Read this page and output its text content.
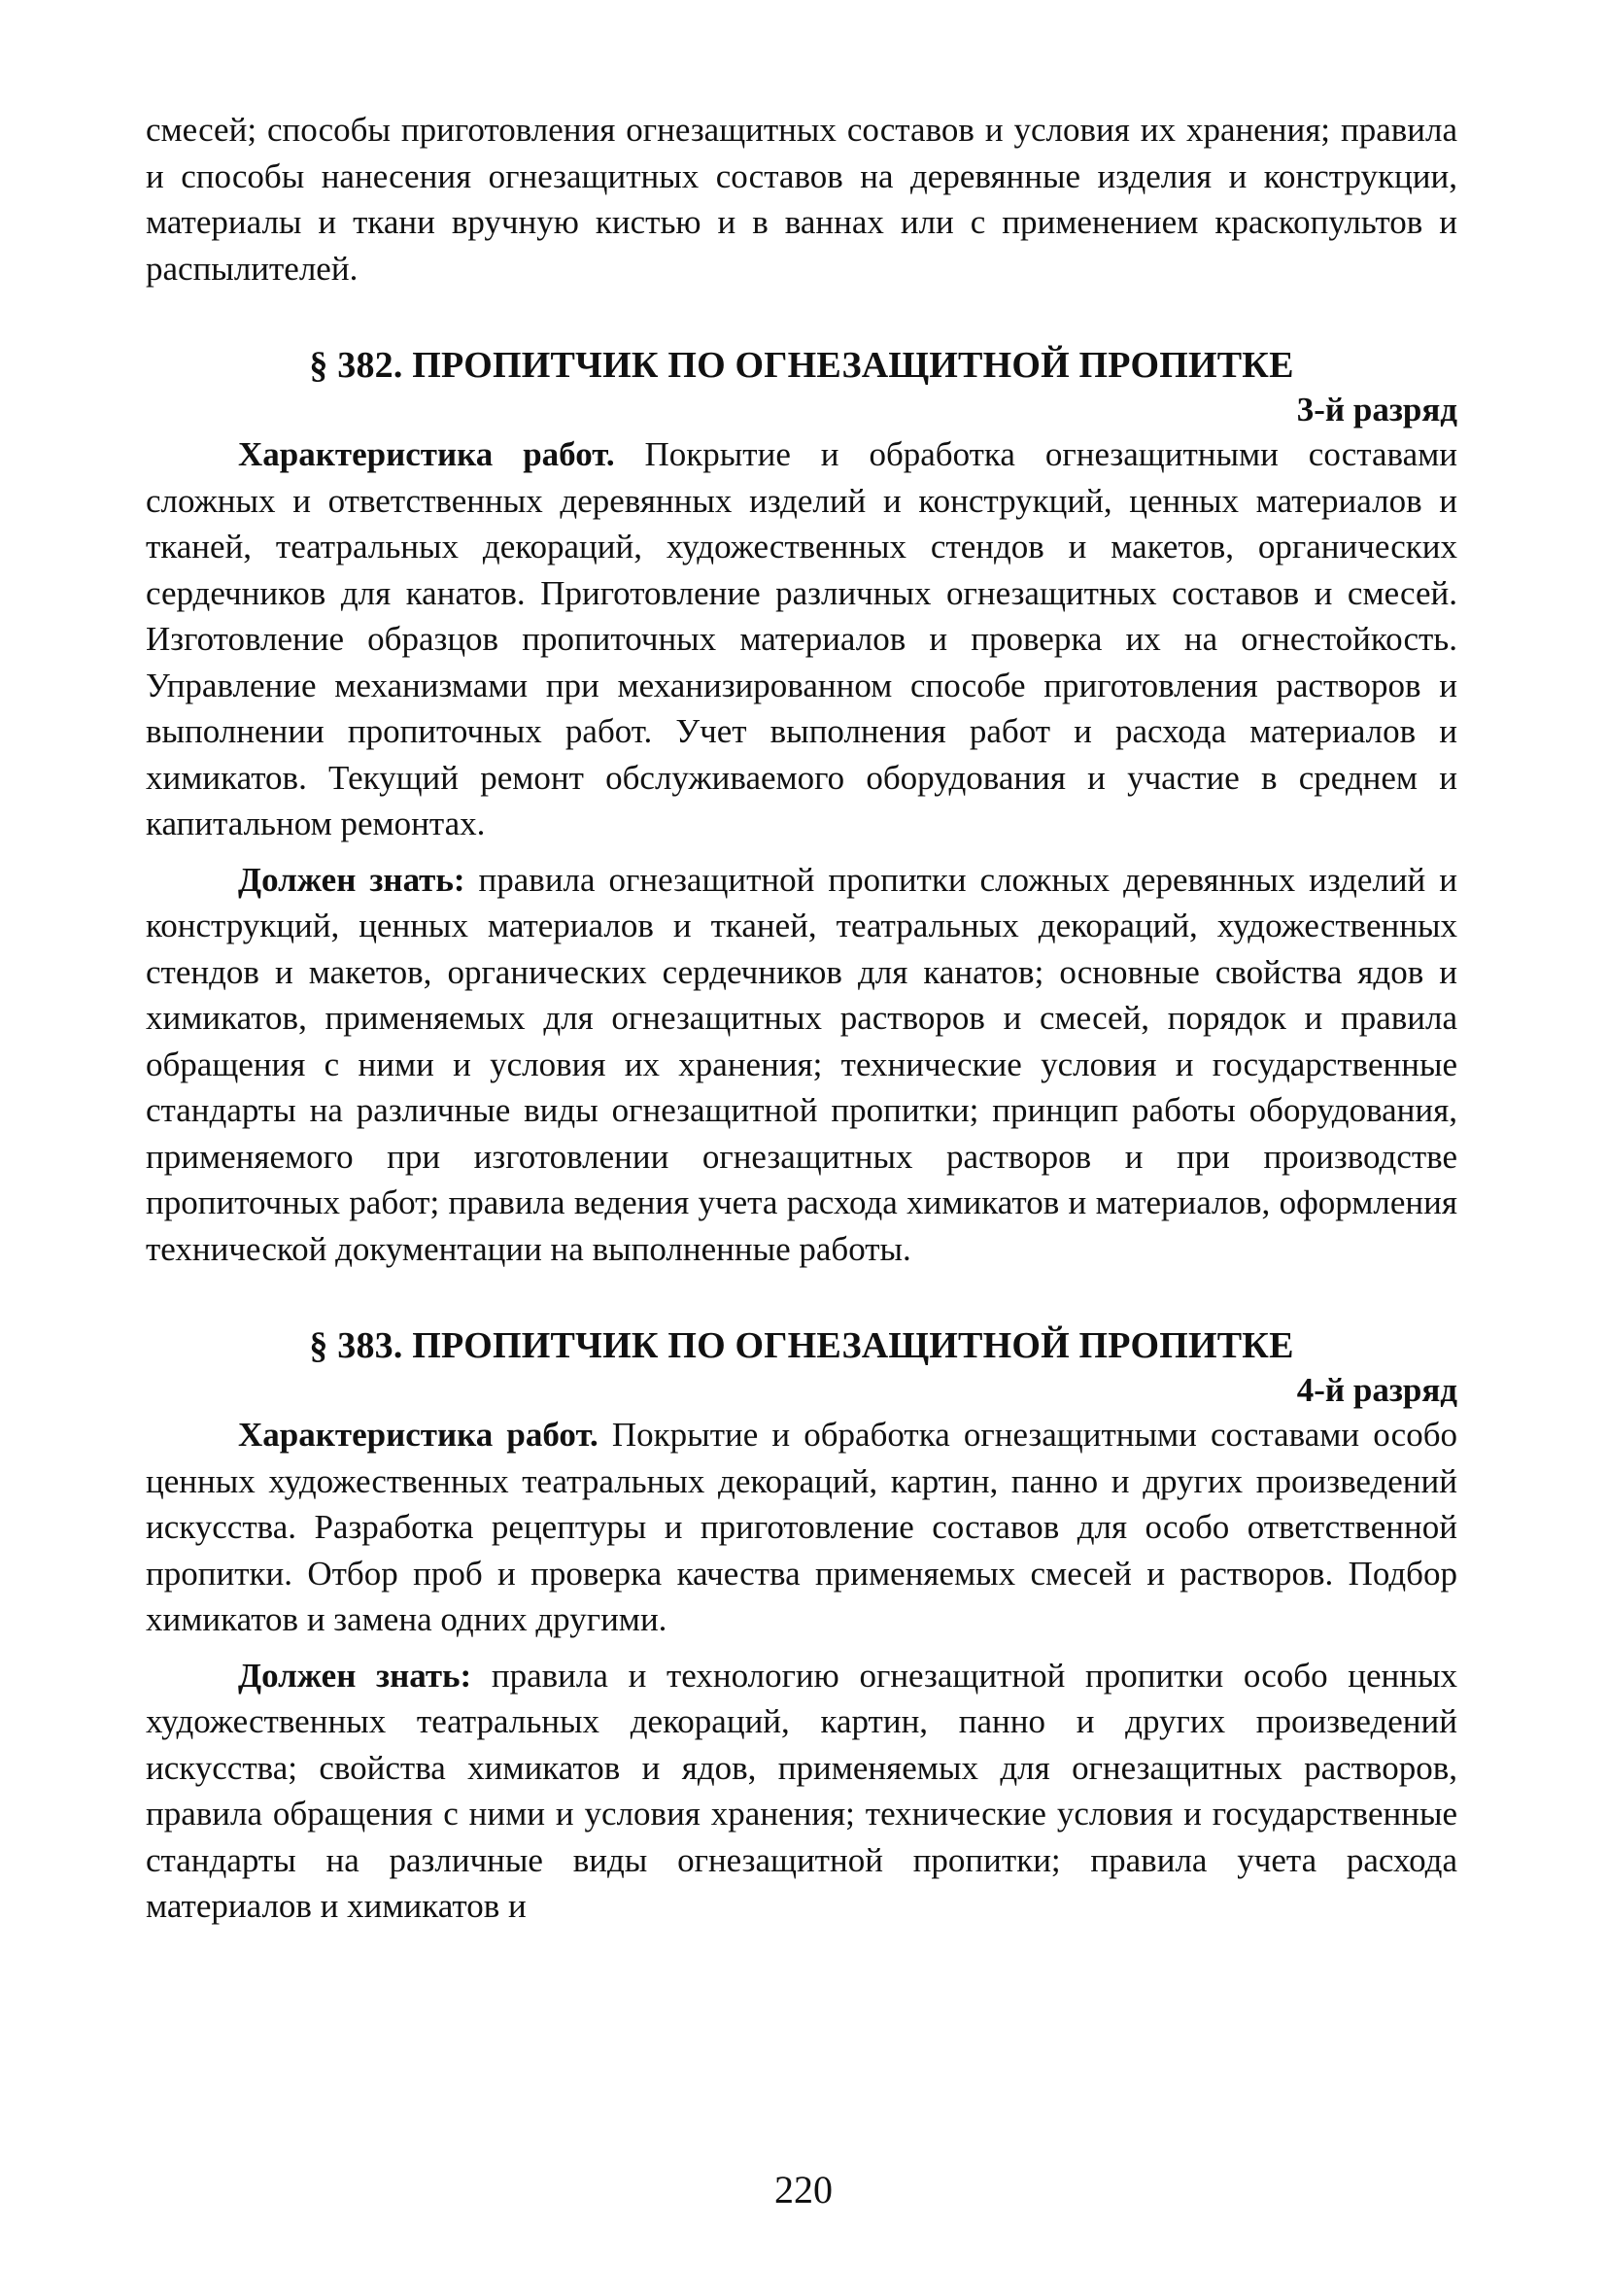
смесей; способы приготовления огнезащитных составов и условия их хранения; правила и способы нанесения огнезащитных составов на деревянные изделия и конструкции, материалы и ткани вручную кистью и в ваннах или с применением краскопультов и распылителей.

§ 382. ПРОПИТЧИК ПО ОГНЕЗАЩИТНОЙ ПРОПИТКЕ

3-й разряд

Характеристика работ. Покрытие и обработка огнезащитными составами сложных и ответственных деревянных изделий и конструкций, ценных материалов и тканей, театральных декораций, художественных стендов и макетов, органических сердечников для канатов. Приготовление различных огнезащитных составов и смесей. Изготовление образцов пропиточных материалов и проверка их на огнестойкость. Управление механизмами при механизированном способе приготовления растворов и выполнении пропиточных работ. Учет выполнения работ и расхода материалов и химикатов. Текущий ремонт обслуживаемого оборудования и участие в среднем и капитальном ремонтах.

Должен знать: правила огнезащитной пропитки сложных деревянных изделий и конструкций, ценных материалов и тканей, театральных декораций, художественных стендов и макетов, органических сердечников для канатов; основные свойства ядов и химикатов, применяемых для огнезащитных растворов и смесей, порядок и правила обращения с ними и условия их хранения; технические условия и государственные стандарты на различные виды огнезащитной пропитки; принцип работы оборудования, применяемого при изготовлении огнезащитных растворов и при производстве пропиточных работ; правила ведения учета расхода химикатов и материалов, оформления технической документации на выполненные работы.

§ 383. ПРОПИТЧИК ПО ОГНЕЗАЩИТНОЙ ПРОПИТКЕ

4-й разряд

Характеристика работ. Покрытие и обработка огнезащитными составами особо ценных художественных театральных декораций, картин, панно и других произведений искусства. Разработка рецептуры и приготовление составов для особо ответственной пропитки. Отбор проб и проверка качества применяемых смесей и растворов. Подбор химикатов и замена одних другими.

Должен знать: правила и технологию огнезащитной пропитки особо ценных художественных театральных декораций, картин, панно и других произведений искусства; свойства химикатов и ядов, применяемых для огнезащитных растворов, правила обращения с ними и условия хранения; технические условия и государственные стандарты на различные виды огнезащитной пропитки; правила учета расхода материалов и химикатов и

220
